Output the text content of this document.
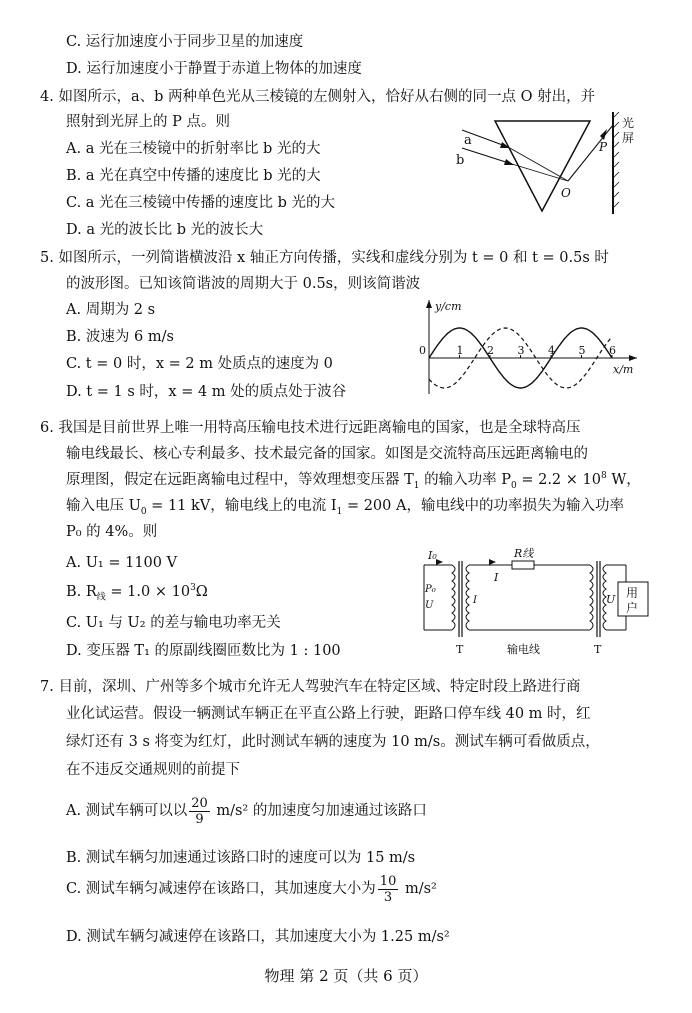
C. 运行加速度小于同步卫星的加速度
D. 运行加速度小于静置于赤道上物体的加速度
4. 如图所示，a、b 两种单色光从三棱镜的左侧射入，恰好从右侧的同一点 O 射出，并
照射到光屏上的 P 点。则
A. a 光在三棱镜中的折射率比 b 光的大
B. a 光在真空中传播的速度比 b 光的大
C. a 光在三棱镜中传播的速度比 b 光的大
D. a 光的波长比 b 光的波长大
a
b
O
P
光
屏
5. 如图所示，一列简谐横波沿 x 轴正方向传播，实线和虚线分别为 t = 0 和 t = 0.5s 时
的波形图。已知该简谐波的周期大于 0.5s，则该简谐波
A. 周期为 2 s
B. 波速为 6 m/s
C. t = 0 时，x = 2 m 处质点的速度为 0
D. t = 1 s 时，x = 4 m 处的质点处于波谷
y/cm
x/m
0	1 2 3 4 5 6
6. 我国是目前世界上唯一用特高压输电技术进行远距离输电的国家，也是全球特高压
输电线最长、核心专利最多、技术最完备的国家。如图是交流特高压远距离输电的
原理图，假定在远距离输电过程中，等效理想变压器 $T_1$ 的输入功率 $P_0 = 2.2 \times 10^8$ W，
输入电压 $U_0 = 11$ kV，输电线上的电流 $I_1 = 200$ A，输电线中的功率损失为输入功率
P₀ 的 4%。则
A. U₁ = 1100 V
B. $R_线 = 1.0 \times 10^3\Omega$
C. U₁ 与 U₂ 的差与输电功率无关
D. 变压器 T₁ 的原副线圈匝数比为 1 : 100
I₀	R线
I
P₀
U	I	U 用
户
T	输电线	T
7. 目前，深圳、广州等多个城市允许无人驾驶汽车在特定区域、特定时段上路进行商
业化试运营。假设一辆测试车辆正在平直公路上行驶，距路口停车线 40 m 时，红
绿灯还有 3 s 将变为红灯，此时测试车辆的速度为 10 m/s。测试车辆可看做质点，
在不违反交通规则的前提下
A. 测试车辆可以以 $\frac{20}{9} m/s^2$ 的加速度匀加速通过该路口
B. 测试车辆匀加速通过该路口时的速度可以为 15 m/s
C. 测试车辆匀减速停在该路口，其加速度大小为 $\frac{10}{3} m/s^2$
D. 测试车辆匀减速停在该路口，其加速度大小为 1.25 m/s²
物理 第 2 页（共 6 页）
